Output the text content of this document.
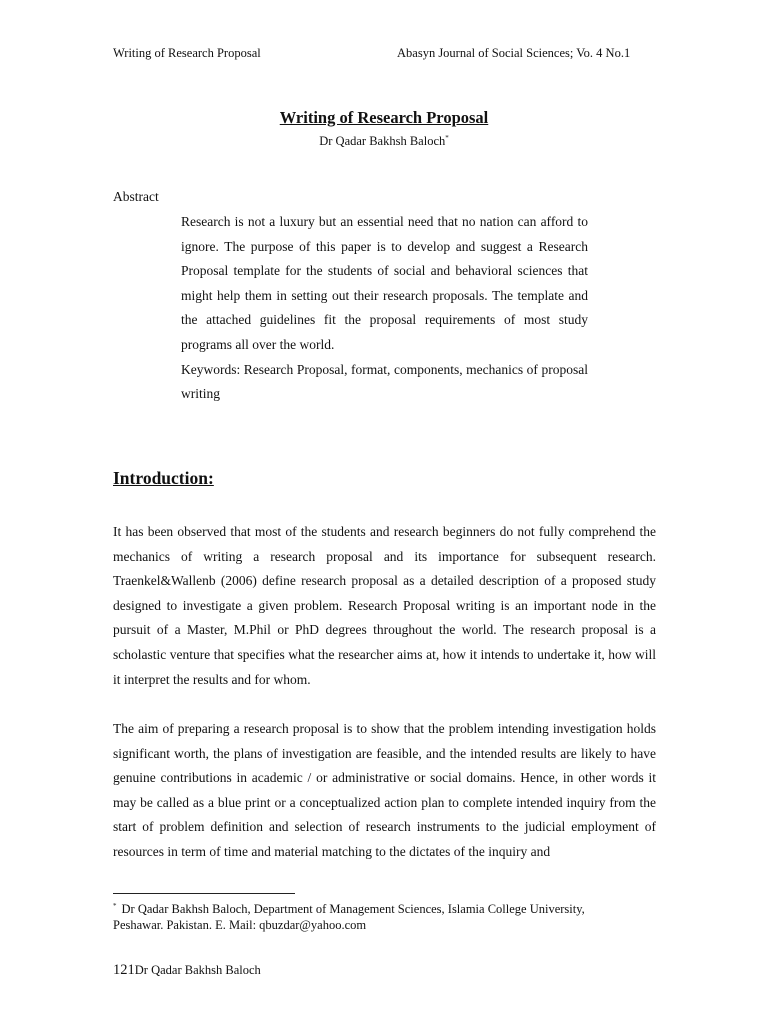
Writing of Research Proposal	Abasyn Journal of Social Sciences; Vo. 4 No.1
Writing of Research Proposal
Dr Qadar Bakhsh Baloch*
Abstract

Research is not a luxury but an essential need that no nation can afford to ignore. The purpose of this paper is to develop and suggest a Research Proposal template for the students of social and behavioral sciences that might help them in setting out their research proposals. The template and the attached guidelines fit the proposal requirements of most study programs all over the world.

Keywords: Research Proposal, format, components, mechanics of proposal writing

Introduction:

It has been observed that most of the students and research beginners do not fully comprehend the mechanics of writing a research proposal and its importance for subsequent research. Traenkel&Wallenb (2006) define research proposal as a detailed description of a proposed study designed to investigate a given problem. Research Proposal writing is an important node in the pursuit of a Master, M.Phil or PhD degrees throughout the world. The research proposal is a scholastic venture that specifies what the researcher aims at, how it intends to undertake it, how will it interpret the results and for whom.

The aim of preparing a research proposal is to show that the problem intending investigation holds significant worth, the plans of investigation are feasible, and the intended results are likely to have genuine contributions in academic / or administrative or social domains. Hence, in other words it may be called as a blue print or a conceptualized action plan to complete intended inquiry from the start of problem definition and selection of research instruments to the judicial employment of resources in term of time and material matching to the dictates of the inquiry and

* Dr Qadar Bakhsh Baloch, Department of Management Sciences, Islamia College University, Peshawar. Pakistan. E. Mail: qbuzdar@yahoo.com

121Dr Qadar Bakhsh Baloch
